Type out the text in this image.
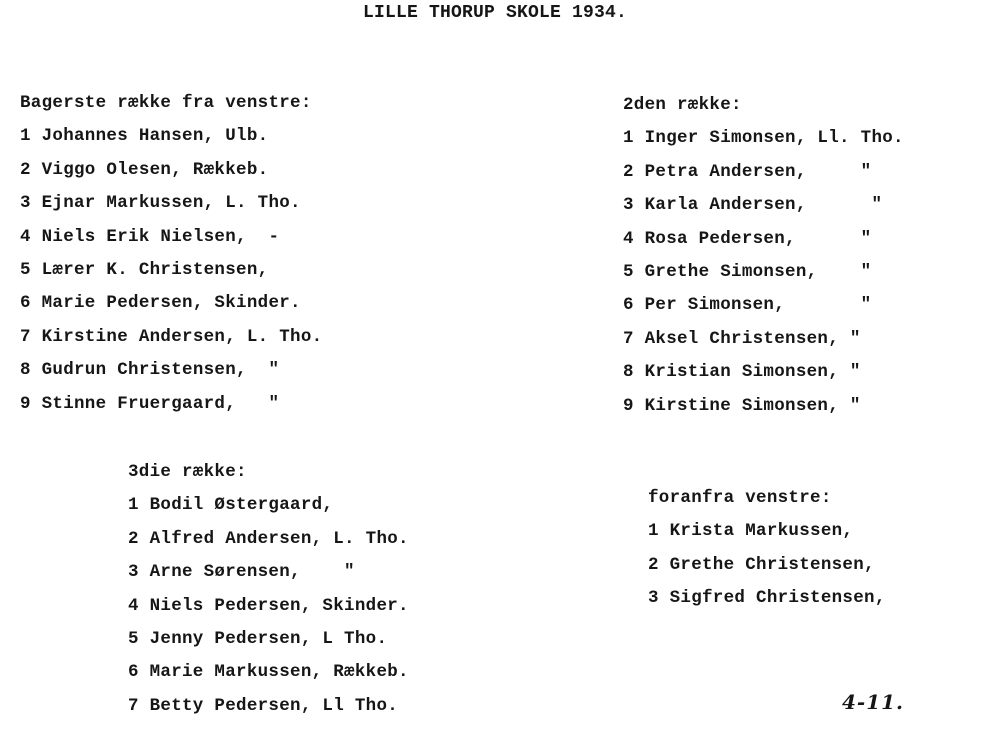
LILLE THORUP SKOLE 1934.
Bagerste række fra venstre:
1 Johannes Hansen, Ulb.
2 Viggo Olesen, Rækkeb.
3 Ejnar Markussen, L. Tho.
4 Niels Erik Nielsen,  -
5 Lærer K. Christensen,
6 Marie Pedersen, Skinder.
7 Kirstine Andersen, L. Tho.
8 Gudrun Christensen,  "
9 Stinne Fruergaard,   "
2den række:
1 Inger Simonsen, Ll. Tho.
2 Petra Andersen,     "
3 Karla Andersen,      "
4 Rosa Pedersen,      "
5 Grethe Simonsen,    "
6 Per Simonsen,       "
7 Aksel Christensen, "
8 Kristian Simonsen, "
9 Kirstine Simonsen, "
3die række:
1 Bodil Østergaard,
2 Alfred Andersen, L. Tho.
3 Arne Sørensen,    "
4 Niels Pedersen, Skinder.
5 Jenny Pedersen, L Tho.
6 Marie Markussen, Rækkeb.
7 Betty Pedersen, Ll Tho.
foranfra venstre:
1 Krista Markussen,
2 Grethe Christensen,
3 Sigfred Christensen,
4-11.
